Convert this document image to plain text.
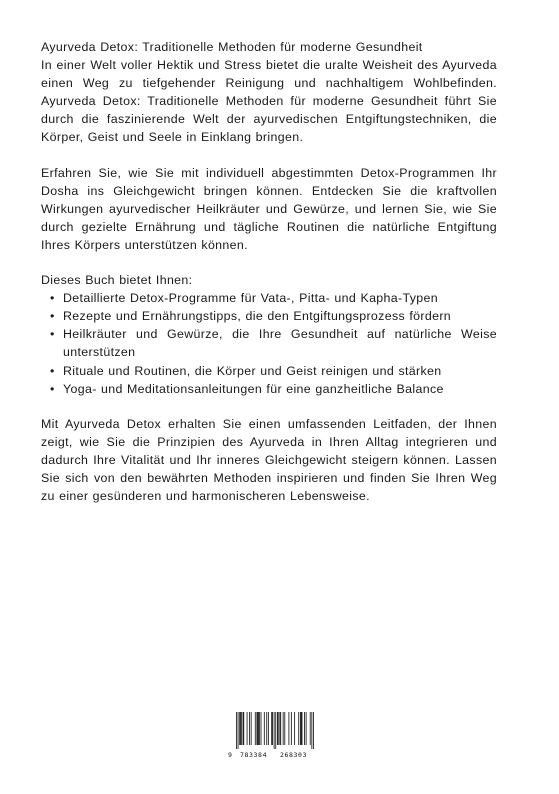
Ayurveda Detox: Traditionelle Methoden für moderne Gesundheit

In einer Welt voller Hektik und Stress bietet die uralte Weisheit des Ayurveda einen Weg zu tiefgehender Reinigung und nachhaltigem Wohlbefinden. Ayurveda Detox: Traditionelle Methoden für moderne Gesundheit führt Sie durch die faszinierende Welt der ayurvedischen Entgiftungstechniken, die Körper, Geist und Seele in Einklang bringen.

Erfahren Sie, wie Sie mit individuell abgestimmten Detox-Programmen Ihr Dosha ins Gleichgewicht bringen können. Entdecken Sie die kraftvollen Wirkungen ayurvedischer Heilkräuter und Gewürze, und lernen Sie, wie Sie durch gezielte Ernährung und tägliche Routinen die natürliche Entgiftung Ihres Körpers unterstützen können.

Dieses Buch bietet Ihnen:

• Detaillierte Detox-Programme für Vata-, Pitta- und Kapha-Typen
• Rezepte und Ernährungstipps, die den Entgiftungsprozess fördern
• Heilkräuter und Gewürze, die Ihre Gesundheit auf natürliche Weise unterstützen
• Rituale und Routinen, die Körper und Geist reinigen und stärken
• Yoga- und Meditationsanleitungen für eine ganzheitliche Balance

Mit Ayurveda Detox erhalten Sie einen umfassenden Leitfaden, der Ihnen zeigt, wie Sie die Prinzipien des Ayurveda in Ihren Alltag integrieren und dadurch Ihre Vitalität und Ihr inneres Gleichgewicht steigern können. Lassen Sie sich von den bewährten Methoden inspirieren und finden Sie Ihren Weg zu einer gesünderen und harmonischeren Lebensweise.

9 783384 268303
